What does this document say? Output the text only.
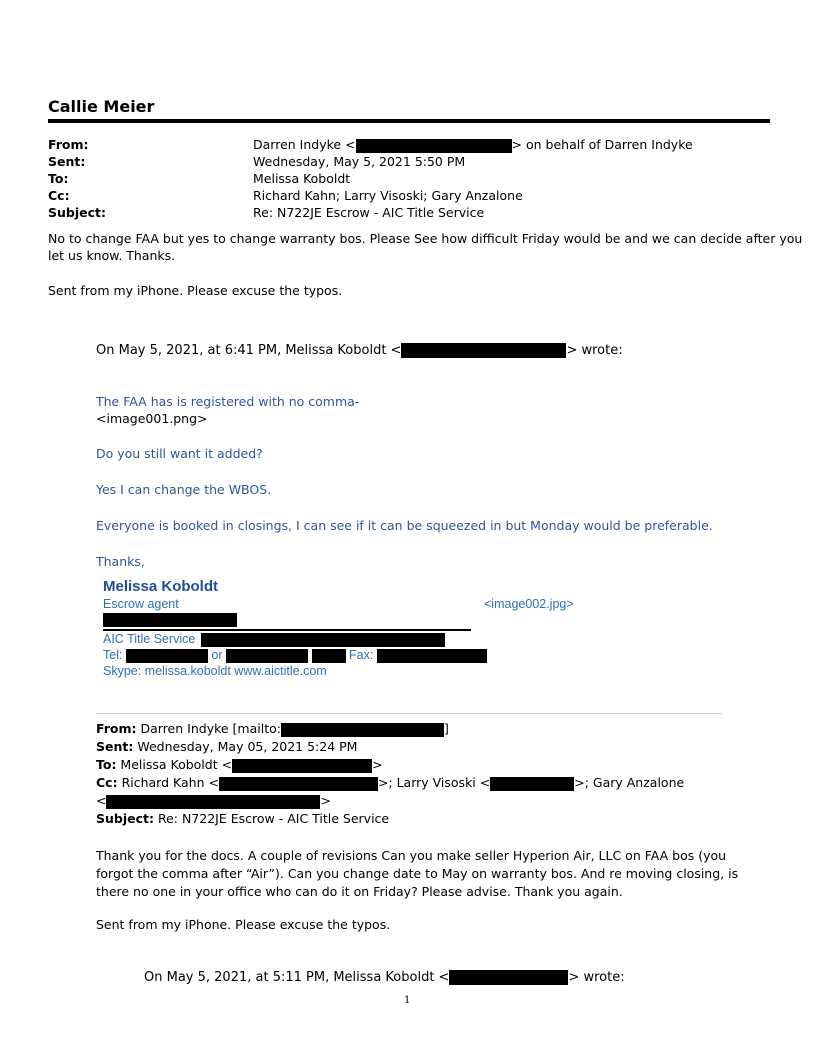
Callie Meier
From:	Darren Indyke <	> on behalf of Darren Indyke
Sent:	Wednesday, May 5, 2021 5:50 PM
To:	Melissa Koboldt
Cc:	Richard Kahn; Larry Visoski; Gary Anzalone
Subject:	Re: N722JE Escrow - AIC Title Service
No to change FAA but yes to change warranty bos. Please See how difficult Friday would be and we can decide after you
let us know. Thanks.
Sent from my iPhone. Please excuse the typos.
On May 5, 2021, at 6:41 PM, Melissa Koboldt <	> wrote:
The FAA has is registered with no comma-
<image001.png>
Do you still want it added?
Yes I can change the WBOS.
Everyone is booked in closings, I can see if it can be squeezed in but Monday would be preferable.
Thanks,
Melissa Koboldt
Escrow agent	<image002.jpg>
AIC Title Service
Tel:	or	Fax:
Skype: melissa.koboldt www.aictitle.com
From: Darren Indyke [mailto:	]
Sent: Wednesday, May 05, 2021 5:24 PM
To: Melissa Koboldt <	>
Cc: Richard Kahn <	>; Larry Visoski <	>; Gary Anzalone
<	>
Subject: Re: N722JE Escrow - AIC Title Service
Thank you for the docs. A couple of revisions Can you make seller Hyperion Air, LLC on FAA bos (you
forgot the comma after “Air”). Can you change date to May on warranty bos. And re moving closing, is
there no one in your office who can do it on Friday? Please advise. Thank you again.
Sent from my iPhone. Please excuse the typos.
On May 5, 2021, at 5:11 PM, Melissa Koboldt <	> wrote:
1
